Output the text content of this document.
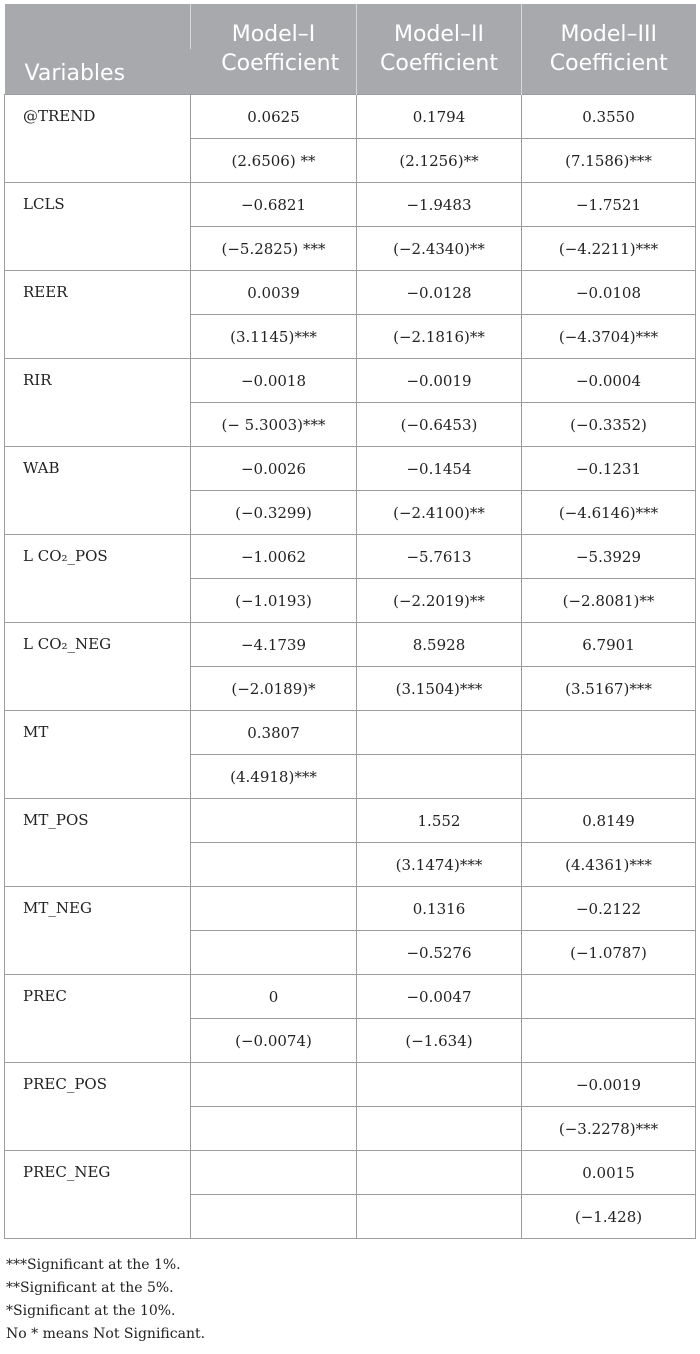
Variables	Model–I	Model–II	Model–III
	Coefficient	Coefficient	Coefficient
@TREND	0.0625	0.1794	0.3550
	(2.6506) **	(2.1256)**	(7.1586)***
LCLS	−0.6821	−1.9483	−1.7521
	(−5.2825) ***	(−2.4340)**	(−4.2211)***
REER	0.0039	−0.0128	−0.0108
	(3.1145)***	(−2.1816)**	(−4.3704)***
RIR	−0.0018	−0.0019	−0.0004
	(− 5.3003)***	(−0.6453)	(−0.3352)
WAB	−0.0026	−0.1454	−0.1231
	(−0.3299)	(−2.4100)**	(−4.6146)***
L CO₂_POS	−1.0062	−5.7613	−5.3929
	(−1.0193)	(−2.2019)**	(−2.8081)**
L CO₂_NEG	−4.1739	8.5928	6.7901
	(−2.0189)*	(3.1504)***	(3.5167)***
MT	0.3807		
	(4.4918)***		
MT_POS		1.552	0.8149
		(3.1474)***	(4.4361)***
MT_NEG		0.1316	−0.2122
		−0.5276	(−1.0787)
PREC	0	−0.0047	
	(−0.0074)	(−1.634)	
PREC_POS			−0.0019
			(−3.2278)***
PREC_NEG			0.0015
			(−1.428)
***Significant at the 1%.
**Significant at the 5%.
*Significant at the 10%.
No * means Not Significant.
